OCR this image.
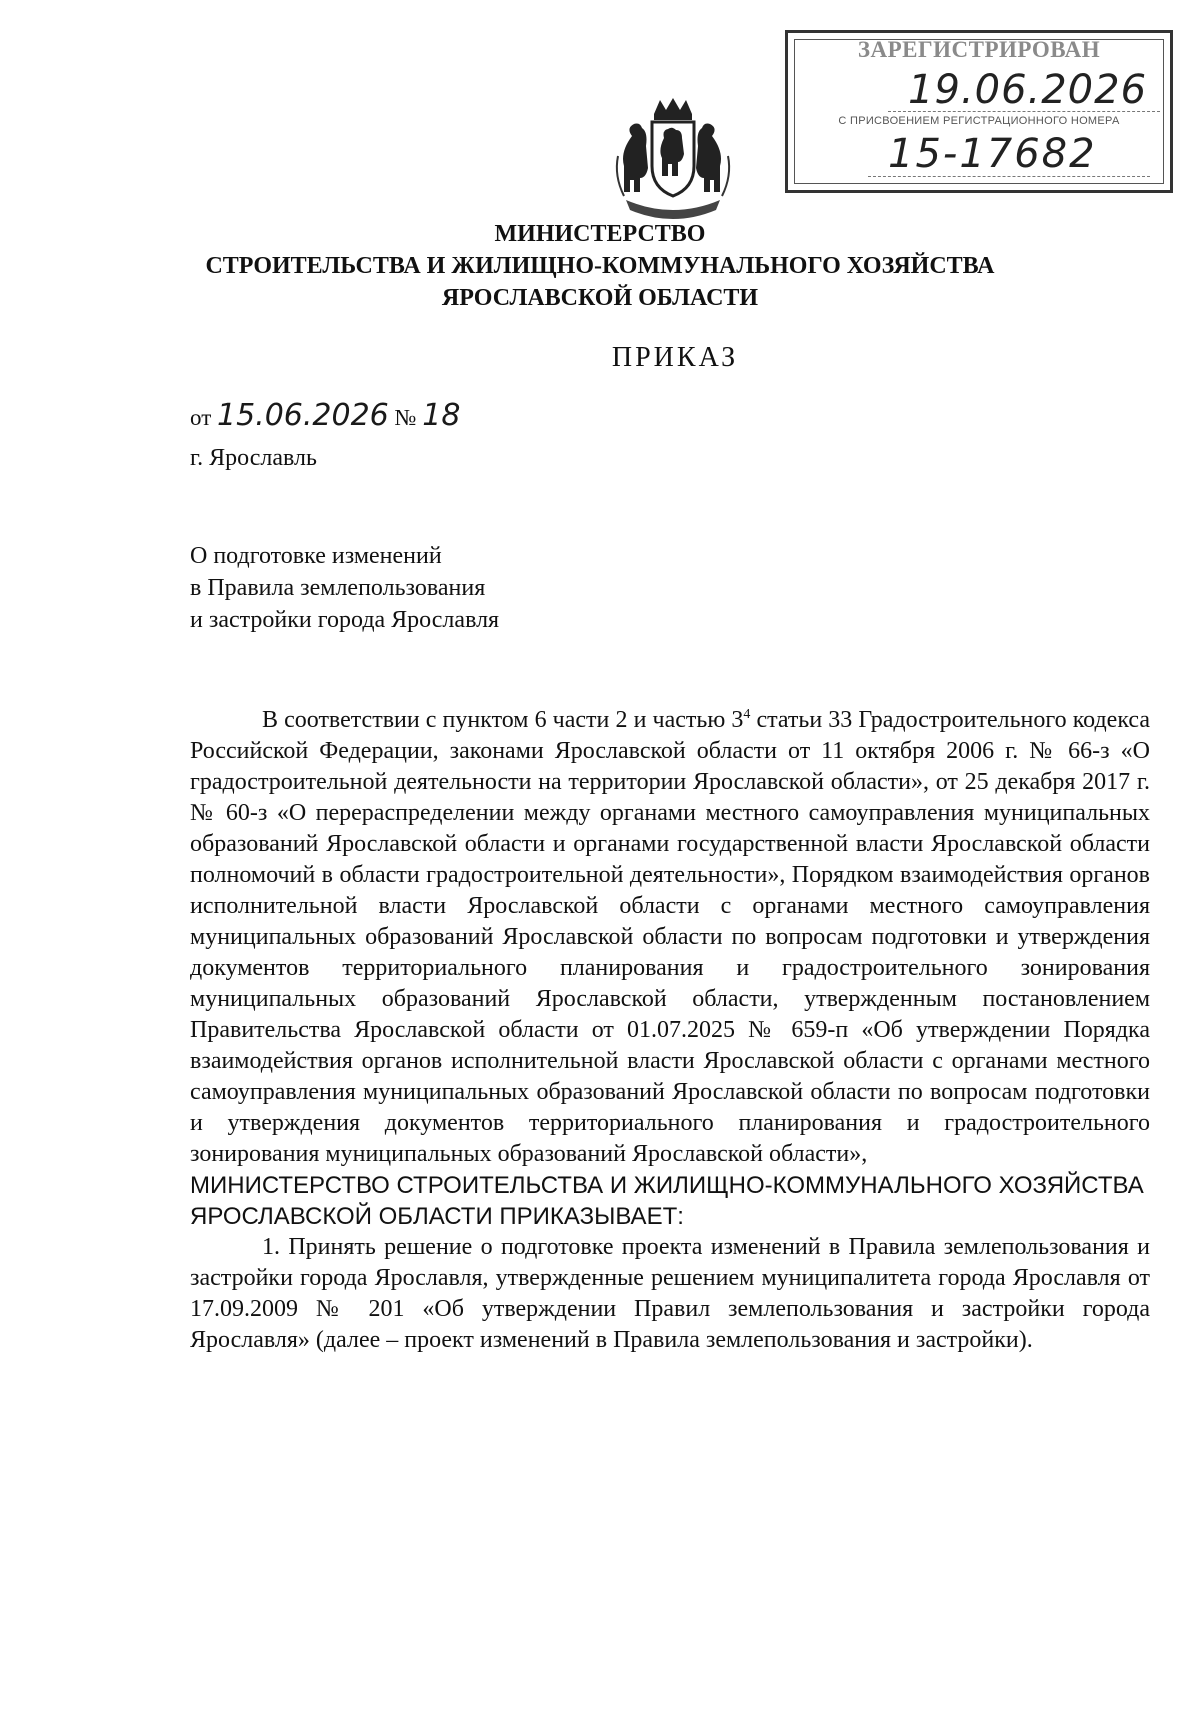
ЗАРЕГИСТРИРОВАН
19.06.2026
С ПРИСВОЕНИЕМ РЕГИСТРАЦИОННОГО НОМЕРА
15-17682
МИНИСТЕРСТВО
СТРОИТЕЛЬСТВА И ЖИЛИЩНО-КОММУНАЛЬНОГО ХОЗЯЙСТВА
ЯРОСЛАВСКОЙ ОБЛАСТИ
ПРИКАЗ
от 15.06.2026 № 18
г. Ярославль
О подготовке изменений
в Правила землепользования
и застройки города Ярославля

В соответствии с пунктом 6 части 2 и частью $3^4$ статьи 33 Градостроительного кодекса Российской Федерации, законами Ярославской области от 11 октября 2006 г. № 66-з «О градостроительной деятельности на территории Ярославской области», от 25 декабря 2017 г. № 60-з «О перераспределении между органами местного самоуправления муниципальных образований Ярославской области и органами государственной власти Ярославской области полномочий в области градостроительной деятельности», Порядком взаимодействия органов исполнительной власти Ярославской области с органами местного самоуправления муниципальных образований Ярославской области по вопросам подготовки и утверждения документов территориального планирования и градостроительного зонирования муниципальных образований Ярославской области, утвержденным постановлением Правительства Ярославской области от 01.07.2025 № 659-п «Об утверждении Порядка взаимодействия органов исполнительной власти Ярославской области с органами местного самоуправления муниципальных образований Ярославской области по вопросам подготовки и утверждения документов территориального планирования и градостроительного зонирования муниципальных образований Ярославской области»,

МИНИСТЕРСТВО СТРОИТЕЛЬСТВА И ЖИЛИЩНО-КОММУНАЛЬНОГО ХОЗЯЙСТВА ЯРОСЛАВСКОЙ ОБЛАСТИ ПРИКАЗЫВАЕТ:

1. Принять решение о подготовке проекта изменений в Правила землепользования и застройки города Ярославля, утвержденные решением муниципалитета города Ярославля от 17.09.2009 № 201 «Об утверждении Правил землепользования и застройки города Ярославля» (далее – проект изменений в Правила землепользования и застройки).
